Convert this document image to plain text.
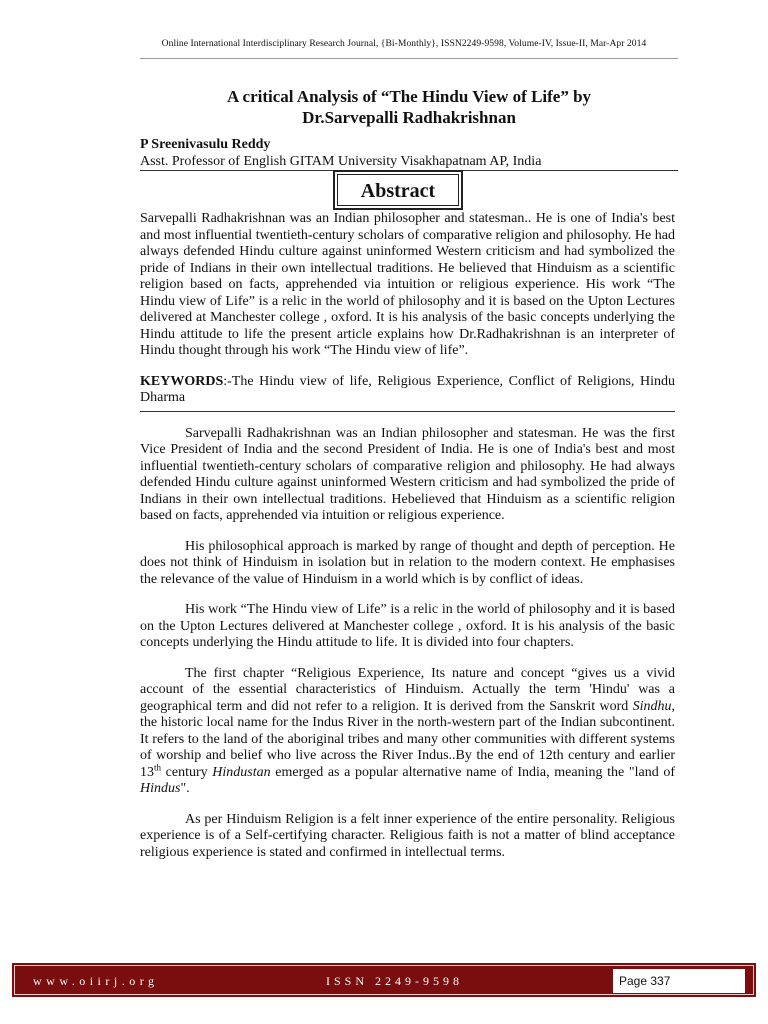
Online International Interdisciplinary Research Journal, {Bi-Monthly}, ISSN2249-9598, Volume-IV, Issue-II, Mar-Apr 2014
A critical Analysis of “The Hindu View of Life” by
Dr.Sarvepalli Radhakrishnan
P Sreenivasulu Reddy
Asst. Professor of English GITAM University Visakhapatnam AP, India
Abstract

Sarvepalli Radhakrishnan was an Indian philosopher and statesman.. He is one of India's best and most influential twentieth-century scholars of comparative religion and philosophy. He had always defended Hindu culture against uninformed Western criticism and had symbolized the pride of Indians in their own intellectual traditions. He believed that Hinduism as a scientific religion based on facts, apprehended via intuition or religious experience. His work “The Hindu view of Life” is a relic in the world of philosophy and it is based on the Upton Lectures delivered at Manchester college , oxford. It is his analysis of the basic concepts underlying the Hindu attitude to life the present article explains how Dr.Radhakrishnan is an interpreter of Hindu thought through his work “The Hindu view of life”.

KEYWORDS:-The Hindu view of life, Religious Experience, Conflict of Religions, Hindu Dharma

Sarvepalli Radhakrishnan was an Indian philosopher and statesman. He was the first Vice President of India and the second President of India. He is one of India's best and most influential twentieth-century scholars of comparative religion and philosophy. He had always defended Hindu culture against uninformed Western criticism and had symbolized the pride of Indians in their own intellectual traditions. Hebelieved that Hinduism as a scientific religion based on facts, apprehended via intuition or religious experience.

His philosophical approach is marked by range of thought and depth of perception. He does not think of Hinduism in isolation but in relation to the modern context. He emphasises the relevance of the value of Hinduism in a world which is by conflict of ideas.

His work “The Hindu view of Life” is a relic in the world of philosophy and it is based on the Upton Lectures delivered at Manchester college , oxford. It is his analysis of the basic concepts underlying the Hindu attitude to life. It is divided into four chapters.

The first chapter “Religious Experience, Its nature and concept “gives us a vivid account of the essential characteristics of Hinduism. Actually the term 'Hindu' was a geographical term and did not refer to a religion. It is derived from the Sanskrit word Sindhu, the historic local name for the Indus River in the north-western part of the Indian subcontinent. It refers to the land of the aboriginal tribes and many other communities with different systems of worship and belief who live across the River Indus..By the end of 12th century and earlier 13th century Hindustan emerged as a popular alternative name of India, meaning the "land of Hindus".

As per Hinduism Religion is a felt inner experience of the entire personality. Religious experience is of a Self-certifying character. Religious faith is not a matter of blind acceptance religious experience is stated and confirmed in intellectual terms.

www.oiirj.org	ISSN 2249-9598	Page 337
